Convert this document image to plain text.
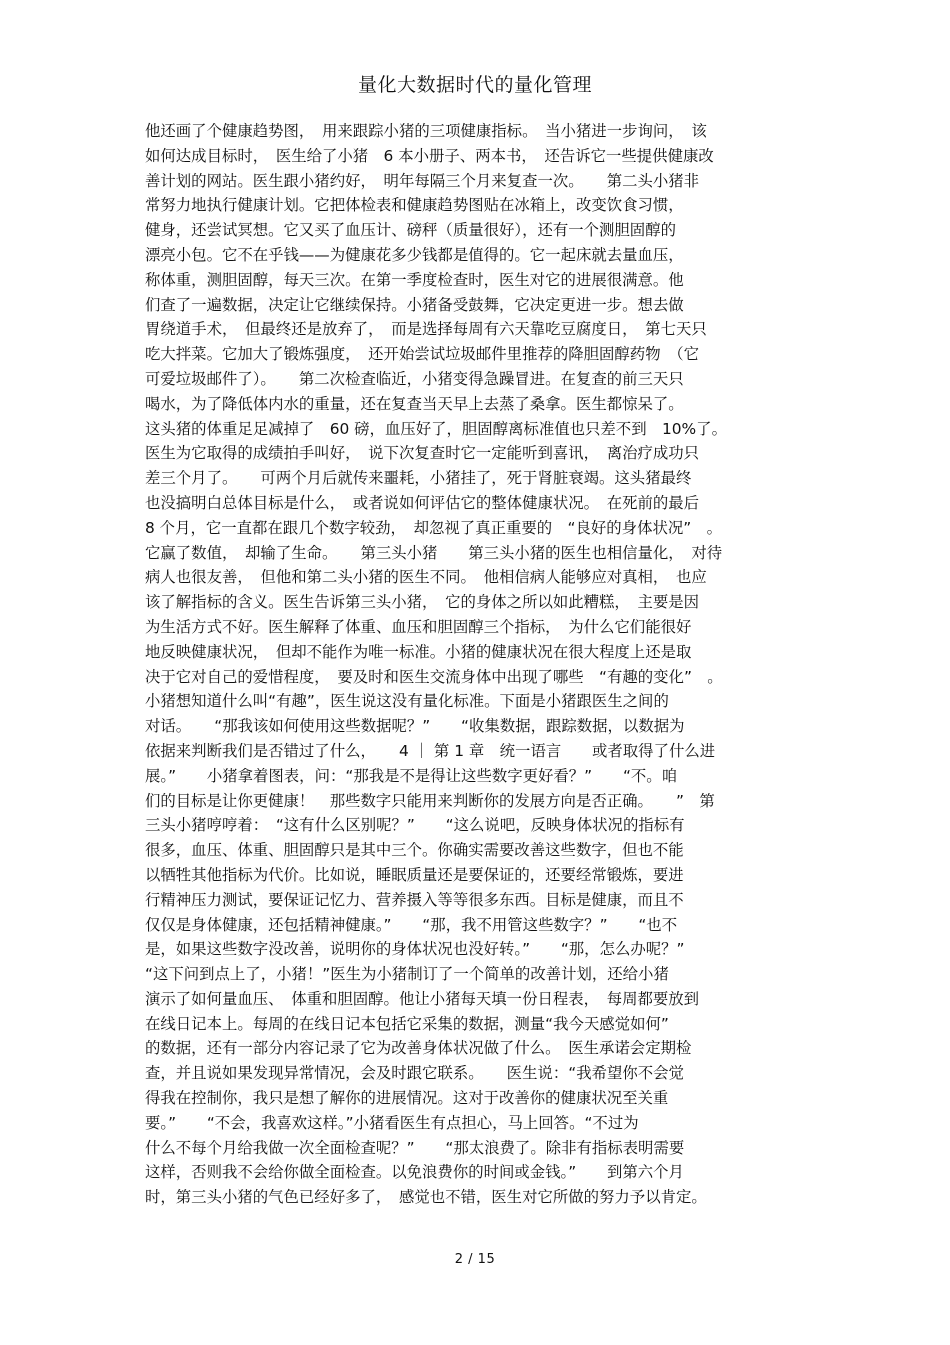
量化大数据时代的量化管理
他还画了个健康趋势图，　用来跟踪小猪的三项健康指标。　当小猪进一步询问，　该
如何达成目标时，　医生给了小猪　6 本小册子、两本书，　还告诉它一些提供健康改
善计划的网站。医生跟小猪约好，　明年每隔三个月来复查一次。　　第二头小猪非
常努力地执行健康计划。它把体检表和健康趋势图贴在冰箱上，改变饮食习惯，
健身，还尝试冥想。它又买了血压计、磅秤（质量很好），还有一个测胆固醇的
漂亮小包。它不在乎钱——为健康花多少钱都是值得的。它一起床就去量血压，
称体重，测胆固醇，每天三次。在第一季度检查时，医生对它的进展很满意。他
们查了一遍数据，决定让它继续保持。小猪备受鼓舞，它决定更进一步。想去做
胃绕道手术，　但最终还是放弃了，　而是选择每周有六天靠吃豆腐度日，　第七天只
吃大拌菜。它加大了锻炼强度，　还开始尝试垃圾邮件里推荐的降胆固醇药物　（它
可爱垃圾邮件了）。　　第二次检查临近，小猪变得急躁冒进。在复查的前三天只
喝水，为了降低体内水的重量，还在复查当天早上去蒸了桑拿。医生都惊呆了。
这头猪的体重足足减掉了　60 磅，血压好了，胆固醇离标准值也只差不到　10%了。
医生为它取得的成绩拍手叫好，　说下次复查时它一定能听到喜讯，　离治疗成功只
差三个月了。　　可两个月后就传来噩耗，小猪挂了，死于肾脏衰竭。这头猪最终
也没搞明白总体目标是什么，　或者说如何评估它的整体健康状况。　在死前的最后
8 个月，它一直都在跟几个数字较劲，　却忽视了真正重要的　“良好的身体状况”　。
它赢了数值，　却输了生命。　　第三头小猪　　第三头小猪的医生也相信量化，　对待
病人也很友善，　但他和第二头小猪的医生不同。　他相信病人能够应对真相，　也应
该了解指标的含义。医生告诉第三头小猪，　它的身体之所以如此糟糕，　主要是因
为生活方式不好。医生解释了体重、血压和胆固醇三个指标，　为什么它们能很好
地反映健康状况，　但却不能作为唯一标准。小猪的健康状况在很大程度上还是取
决于它对自己的爱惜程度，　要及时和医生交流身体中出现了哪些　“有趣的变化”　。
小猪想知道什么叫“有趣”，医生说这没有量化标准。下面是小猪跟医生之间的
对话。　　“那我该如何使用这些数据呢？”　　“收集数据，跟踪数据，以数据为
依据来判断我们是否错过了什么，　　4 ｜ 第 1 章　统一语言　　或者取得了什么进
展。”　　小猪拿着图表，问：“那我是不是得让这些数字更好看？”　　“不。咱
们的目标是让你更健康！　那些数字只能用来判断你的发展方向是否正确。　　”　第
三头小猪哼哼着：　“这有什么区别呢？”　　“这么说吧，反映身体状况的指标有
很多，血压、体重、胆固醇只是其中三个。你确实需要改善这些数字，但也不能
以牺牲其他指标为代价。比如说，睡眠质量还是要保证的，还要经常锻炼，要进
行精神压力测试，要保证记忆力、营养摄入等等很多东西。目标是健康，而且不
仅仅是身体健康，还包括精神健康。”　　“那，我不用管这些数字？”　　“也不
是，如果这些数字没改善，说明你的身体状况也没好转。”　　“那，怎么办呢？”
“这下问到点上了，小猪！”医生为小猪制订了一个简单的改善计划，还给小猪
演示了如何量血压、　体重和胆固醇。他让小猪每天填一份日程表，　每周都要放到
在线日记本上。每周的在线日记本包括它采集的数据，测量“我今天感觉如何”
的数据，还有一部分内容记录了它为改善身体状况做了什么。　医生承诺会定期检
查，并且说如果发现异常情况，会及时跟它联系。　　医生说：“我希望你不会觉
得我在控制你，我只是想了解你的进展情况。这对于改善你的健康状况至关重
要。”　　“不会，我喜欢这样。”小猪看医生有点担心，马上回答。“不过为
什么不每个月给我做一次全面检查呢？”　　“那太浪费了。除非有指标表明需要
这样，否则我不会给你做全面检查。以免浪费你的时间或金钱。”　　到第六个月
时，第三头小猪的气色已经好多了，　感觉也不错，医生对它所做的努力予以肯定。
2 / 15
